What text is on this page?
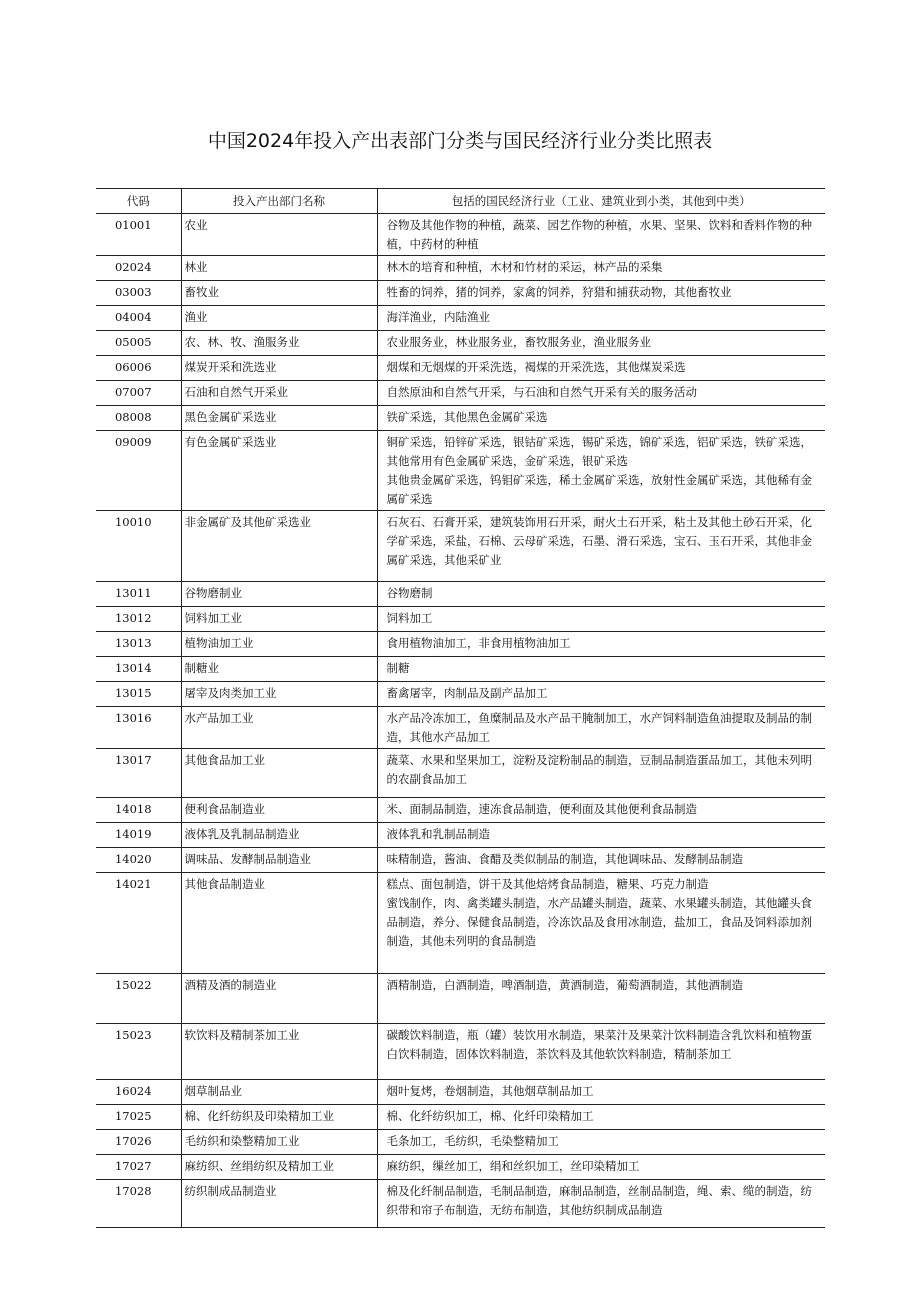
中国2024年投入产出表部门分类与国民经济行业分类比照表
代码	投入产出部门名称	包括的国民经济行业（工业、建筑业到小类，其他到中类）
01001	农业	谷物及其他作物的种植，蔬菜、园艺作物的种植，水果、坚果、饮料和香料作物的种植，中药材的种植

02024	林业	林木的培育和种植，木材和竹材的采运，林产品的采集

03003	畜牧业	牲畜的饲养，猪的饲养，家禽的饲养，狩猎和捕获动物，其他畜牧业

04004	渔业	海洋渔业，内陆渔业

05005	农、林、牧、渔服务业	农业服务业，林业服务业，畜牧服务业，渔业服务业

06006	煤炭开采和洗选业	烟煤和无烟煤的开采洗选，褐煤的开采洗选，其他煤炭采选

07007	石油和自然气开采业	自然原油和自然气开采，与石油和自然气开采有关的服务活动

08008	黑色金属矿采选业	铁矿采选，其他黑色金属矿采选

09009	有色金属矿采选业	铜矿采选，铅锌矿采选，银钴矿采选，锡矿采选，锦矿采选，铝矿采选，铁矿采选，其他常用有色金属矿采选，金矿采选，银矿采选
其他贵金属矿采选，钨钼矿采选，稀土金属矿采选，放射性金属矿采选，其他稀有金属矿采选

10010	非金属矿及其他矿采选业	石灰石、石膏开采，建筑装饰用石开采，耐火土石开采，粘土及其他土砂石开采，化学矿采选，采盐，石棉、云母矿采选，石墨、滑石采选，宝石、玉石开采，其他非金属矿采选，其他采矿业

13011	谷物磨制业	谷物磨制

13012	饲料加工业	饲料加工

13013	植物油加工业	食用植物油加工，非食用植物油加工

13014	制糖业	制糖

13015	屠宰及肉类加工业	畜禽屠宰，肉制品及副产品加工

13016	水产品加工业	水产品冷冻加工，鱼糜制品及水产品干腌制加工，水产饲料制造鱼油提取及制品的制造，其他水产品加工

13017	其他食品加工业	蔬菜、水果和坚果加工，淀粉及淀粉制品的制造，豆制品制造蛋品加工，其他未列明的农副食品加工

14018	便利食品制造业	米、面制品制造，速冻食品制造，便利面及其他便利食品制造

14019	液体乳及乳制品制造业	液体乳和乳制品制造

14020	调味品、发酵制品制造业	味精制造，酱油、食醋及类似制品的制造，其他调味品、发酵制品制造

14021	其他食品制造业	糕点、面包制造，饼干及其他焙烤食品制造，糖果、巧克力制造
蜜饯制作，肉、禽类罐头制造，水产品罐头制造，蔬菜、水果罐头制造，其他罐头食品制造，养分、保健食品制造，冷冻饮品及食用冰制造，盐加工，食品及饲料添加剂制造，其他未列明的食品制造

15022	酒精及酒的制造业	酒精制造，白酒制造，啤酒制造，黄酒制造，葡萄酒制造，其他酒制造

15023	软饮料及精制茶加工业	碳酸饮料制造，瓶（罐）装饮用水制造，果菜汁及果菜汁饮料制造含乳饮料和植物蛋白饮料制造，固体饮料制造，茶饮料及其他软饮料制造，精制茶加工

16024	烟草制品业	烟叶复烤，卷烟制造，其他烟草制品加工

17025	棉、化纤纺织及印染精加工业	棉、化纤纺织加工，棉、化纤印染精加工

17026	毛纺织和染整精加工业	毛条加工，毛纺织，毛染整精加工

17027	麻纺织、丝绢纺织及精加工业	麻纺织，缫丝加工，绢和丝织加工，丝印染精加工

17028	纺织制成品制造业	棉及化纤制品制造，毛制品制造，麻制品制造，丝制品制造，绳、索、缆的制造，纺织带和帘子布制造，无纺布制造，其他纺织制成品制造
